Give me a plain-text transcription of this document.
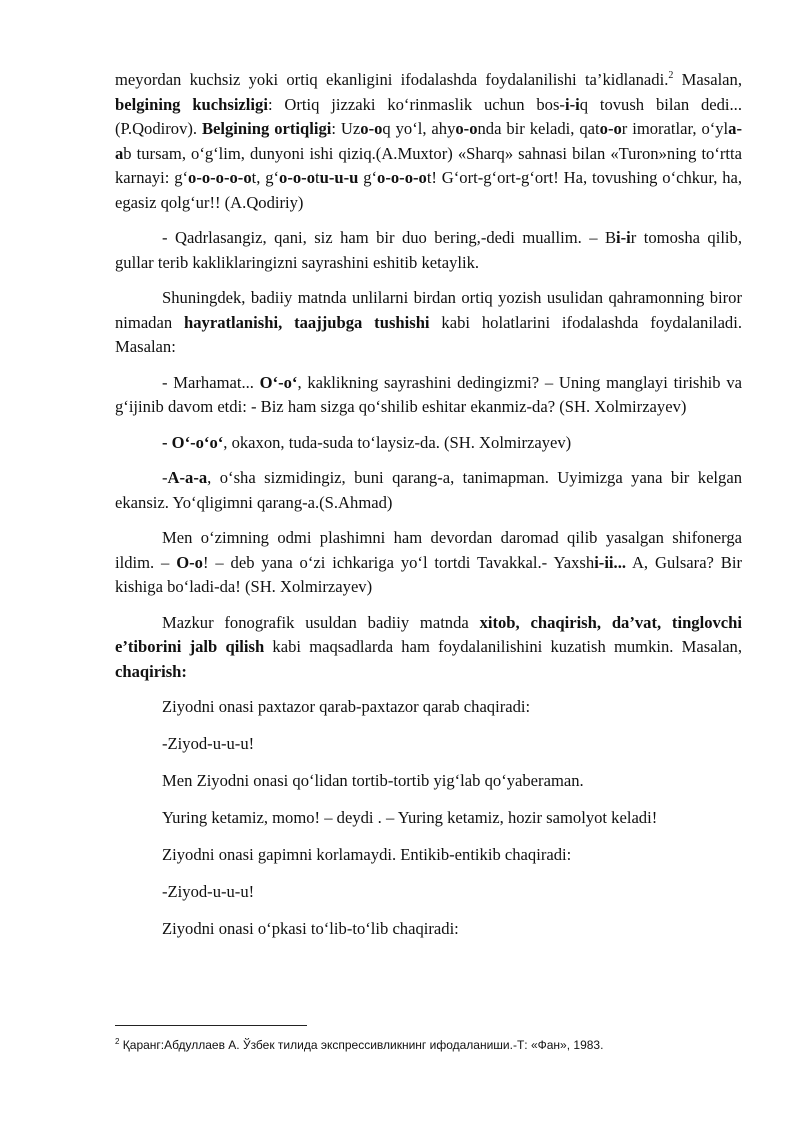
meyordan kuchsiz yoki ortiq ekanligini ifodalashda foydalanilishi ta’kidlanadi.$^2$ Masalan, belgining kuchsizligi: Ortiq jizzaki ko‘rinmaslik uchun bos-i-iq tovush bilan dedi... (P.Qodirov). Belgining ortiqligi: Uzo-oq yo‘l, ahyo-onda bir keladi, qato-or imoratlar, o‘yla-ab tursam, o‘g‘lim, dunyoni ishi qiziq.(A.Muxtor) «Sharq» sahnasi bilan «Turon»ning to‘rtta karnayi: g‘o-o-o-o-ot, g‘o-o-otu-u-u g‘o-o-o-ot! G‘ort-g‘ort-g‘ort! Ha, tovushing o‘chkur, ha, egasiz qolg‘ur!! (A.Qodiriy)

- Qadrlasangiz, qani, siz ham bir duo bering,-dedi muallim. – Bi-ir tomosha qilib, gullar terib kakliklaringizni sayrashini eshitib ketaylik.

Shuningdek, badiiy matnda unlilarni birdan ortiq yozish usulidan qahramonning biror nimadan hayratlanishi, taajjubga tushishi kabi holatlarini ifodalashda foydalaniladi. Masalan:

- Marhamat... O‘-o‘, kaklikning sayrashini dedingizmi? – Uning manglayi tirishib va g‘ijinib davom etdi: - Biz ham sizga qo‘shilib eshitar ekanmiz-da? (SH. Xolmirzayev)

- O‘-o‘o‘, okaxon, tuda-suda to‘laysiz-da. (SH. Xolmirzayev)

-A-a-a, o‘sha sizmidingiz, buni qarang-a, tanimapman. Uyimizga yana bir kelgan ekansiz. Yo‘qligimni qarang-a.(S.Ahmad)

Men o‘zimning odmi plashimni ham devordan daromad qilib yasalgan shifonerga ildim. – O-o! – deb yana o‘zi ichkariga yo‘l tortdi Tavakkal.- Yaxshi-ii... A, Gulsara? Bir kishiga bo‘ladi-da! (SH. Xolmirzayev)

Mazkur fonografik usuldan badiiy matnda xitob, chaqirish, da’vat, tinglovchi e’tiborini jalb qilish kabi maqsadlarda ham foydalanilishini kuzatish mumkin. Masalan, chaqirish:

Ziyodni onasi paxtazor qarab-paxtazor qarab chaqiradi:

-Ziyod-u-u-u!

Men Ziyodni onasi qo‘lidan tortib-tortib yig‘lab qo‘yaberaman.

Yuring ketamiz, momo! – deydi . – Yuring ketamiz, hozir samolyot keladi!

Ziyodni onasi gapimni korlamaydi. Entikib-entikib chaqiradi:

-Ziyod-u-u-u!

Ziyodni onasi o‘pkasi to‘lib-to‘lib chaqiradi:

$^2$ Қаранг:Абдуллаев А. Ўзбек тилида экспрессивликнинг ифодаланиши.-Т: «Фан», 1983.
